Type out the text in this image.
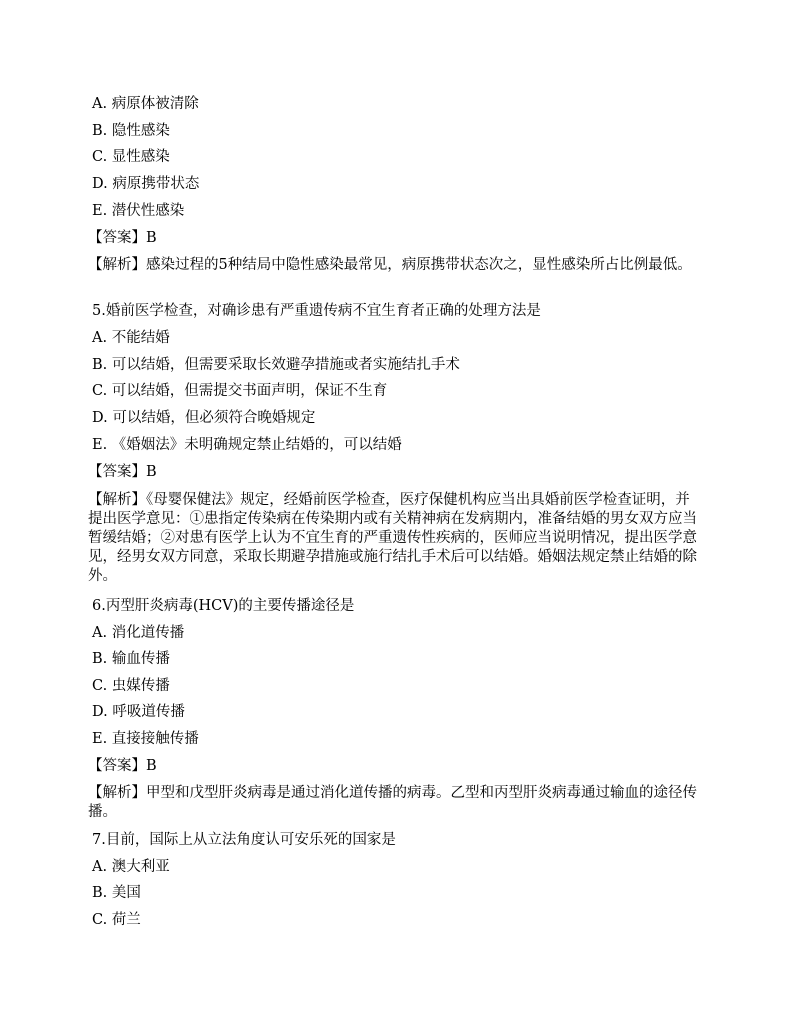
A. 病原体被清除
B. 隐性感染
C. 显性感染
D. 病原携带状态
E. 潜伏性感染
【答案】B
【解析】感染过程的5种结局中隐性感染最常见，病原携带状态次之，显性感染所占比例最低。
5.婚前医学检查，对确诊患有严重遗传病不宜生育者正确的处理方法是
A. 不能结婚
B. 可以结婚，但需要采取长效避孕措施或者实施结扎手术
C. 可以结婚，但需提交书面声明，保证不生育
D. 可以结婚，但必须符合晚婚规定
E. 《婚姻法》未明确规定禁止结婚的，可以结婚
【答案】B
【解析】《母婴保健法》规定，经婚前医学检查，医疗保健机构应当出具婚前医学检查证明，并提出医学意见：①患指定传染病在传染期内或有关精神病在发病期内，准备结婚的男女双方应当暂缓结婚；②对患有医学上认为不宜生育的严重遗传性疾病的，医师应当说明情况，提出医学意见，经男女双方同意，采取长期避孕措施或施行结扎手术后可以结婚。婚姻法规定禁止结婚的除外。
6.丙型肝炎病毒(HCV)的主要传播途径是
A. 消化道传播
B. 输血传播
C. 虫媒传播
D. 呼吸道传播
E. 直接接触传播
【答案】B
【解析】甲型和戊型肝炎病毒是通过消化道传播的病毒。乙型和丙型肝炎病毒通过输血的途径传播。
7.目前，国际上从立法角度认可安乐死的国家是
A. 澳大利亚
B. 美国
C. 荷兰
